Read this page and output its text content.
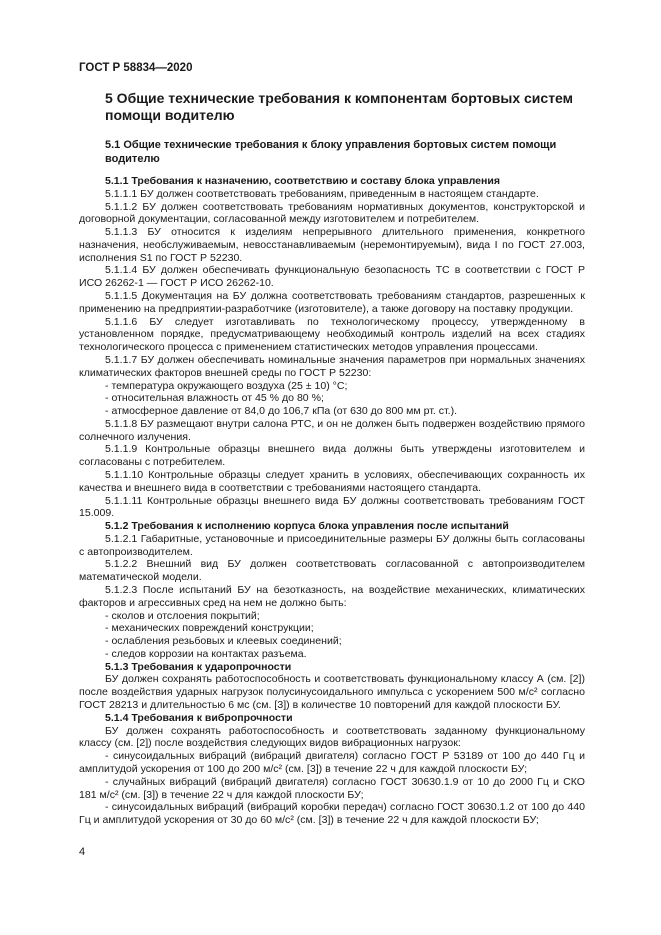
ГОСТ Р 58834—2020
5 Общие технические требования к компонентам бортовых систем помощи водителю
5.1 Общие технические требования к блоку управления бортовых систем помощи водителю

5.1.1 Требования к назначению, соответствию и составу блока управления

5.1.1.1 БУ должен соответствовать требованиям, приведенным в настоящем стандарте.

5.1.1.2 БУ должен соответствовать требованиям нормативных документов, конструкторской и договорной документации, согласованной между изготовителем и потребителем.

5.1.1.3 БУ относится к изделиям непрерывного длительного применения, конкретного назначения, необслуживаемым, невосстанавливаемым (неремонтируемым), вида I по ГОСТ 27.003, исполнения S1 по ГОСТ Р 52230.

5.1.1.4 БУ должен обеспечивать функциональную безопасность ТС в соответствии с ГОСТ Р ИСО 26262-1 — ГОСТ Р ИСО 26262-10.

5.1.1.5 Документация на БУ должна соответствовать требованиям стандартов, разрешенных к применению на предприятии-разработчике (изготовителе), а также договору на поставку продукции.

5.1.1.6 БУ следует изготавливать по технологическому процессу, утвержденному в установленном порядке, предусматривающему необходимый контроль изделий на всех стадиях технологического процесса с применением статистических методов управления процессами.

5.1.1.7 БУ должен обеспечивать номинальные значения параметров при нормальных значениях климатических факторов внешней среды по ГОСТ Р 52230:

- температура окружающего воздуха (25 ± 10) °С;

- относительная влажность от 45 % до 80 %;

- атмосферное давление от 84,0 до 106,7 кПа (от 630 до 800 мм рт. ст.).

5.1.1.8 БУ размещают внутри салона РТС, и он не должен быть подвержен воздействию прямого солнечного излучения.

5.1.1.9 Контрольные образцы внешнего вида должны быть утверждены изготовителем и согласованы с потребителем.

5.1.1.10 Контрольные образцы следует хранить в условиях, обеспечивающих сохранность их качества и внешнего вида в соответствии с требованиями настоящего стандарта.

5.1.1.11 Контрольные образцы внешнего вида БУ должны соответствовать требованиям ГОСТ 15.009.

5.1.2 Требования к исполнению корпуса блока управления после испытаний

5.1.2.1 Габаритные, установочные и присоединительные размеры БУ должны быть согласованы с автопроизводителем.

5.1.2.2 Внешний вид БУ должен соответствовать согласованной с автопроизводителем математической модели.

5.1.2.3 После испытаний БУ на безотказность, на воздействие механических, климатических факторов и агрессивных сред на нем не должно быть:

- сколов и отслоения покрытий;

- механических повреждений конструкции;

- ослабления резьбовых и клеевых соединений;

- следов коррозии на контактах разъема.

5.1.3 Требования к ударопрочности

БУ должен сохранять работоспособность и соответствовать функциональному классу А (см. [2]) после воздействия ударных нагрузок полусинусоидального импульса с ускорением 500 м/с² согласно ГОСТ 28213 и длительностью 6 мс (см. [3]) в количестве 10 повторений для каждой плоскости БУ.

5.1.4 Требования к вибропрочности

БУ должен сохранять работоспособность и соответствовать заданному функциональному классу (см. [2]) после воздействия следующих видов вибрационных нагрузок:

- синусоидальных вибраций (вибраций двигателя) согласно ГОСТ Р 53189 от 100 до 440 Гц и амплитудой ускорения от 100 до 200 м/с² (см. [3]) в течение 22 ч для каждой плоскости БУ;

- случайных вибраций (вибраций двигателя) согласно ГОСТ 30630.1.9 от 10 до 2000 Гц и СКО 181 м/с² (см. [3]) в течение 22 ч для каждой плоскости БУ;

- синусоидальных вибраций (вибраций коробки передач) согласно ГОСТ 30630.1.2 от 100 до 440 Гц и амплитудой ускорения от 30 до 60 м/с² (см. [3]) в течение 22 ч для каждой плоскости БУ;

4
